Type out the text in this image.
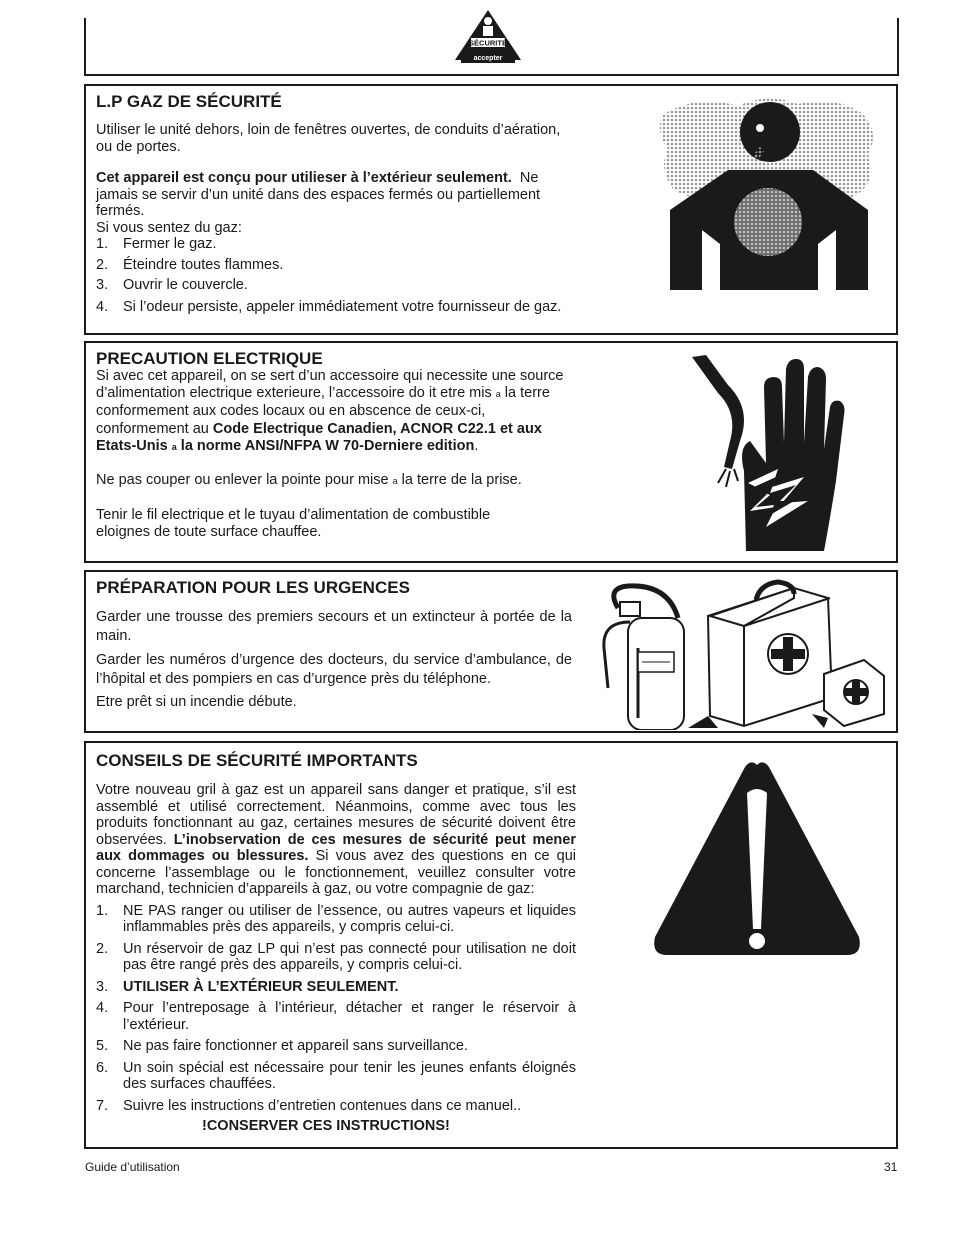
SÉCURITÉ
accepter
L.P GAZ DE SÉCURITÉ

Utiliser le unité dehors, loin de fenêtres ouvertes, de conduits d’aération, ou de portes.

Cet appareil est conçu pour utilieser à l’extérieur seulement. Ne jamais se servir d’un unité dans des espaces fermés ou partiellement fermés.

Si vous sentez du gaz:

1. Fermer le gaz.
2. Éteindre toutes flammes.
3. Ouvrir le couvercle.
4. Si l’odeur persiste, appeler immédiatement votre fournisseur de gaz.
PRECAUTION ELECTRIQUE

Si avec cet appareil, on se sert d’un accessoire qui necessite une source d’alimentation electrique exterieure, l’accessoire do it etre mis a la terre conformement aux codes locaux ou en abscence de ceux-ci, conformement au Code Electrique Canadien, ACNOR C22.1 et aux Etats-Unis a la norme ANSI/NFPA W 70-Derniere edition.

Ne pas couper ou enlever la pointe pour mise a la terre de la prise.

Tenir le fil electrique et le tuyau d’alimentation de combustible eloignes de toute surface chauffee.

PRÉPARATION POUR LES URGENCES

Garder une trousse des premiers secours et un extincteur à portée de la main.

Garder les numéros d’urgence des docteurs, du service d’ambulance, de l’hôpital et des pompiers en cas d’urgence près du téléphone.

Etre prêt si un incendie débute.

CONSEILS DE SÉCURITÉ IMPORTANTS

Votre nouveau gril à gaz est un appareil sans danger et pratique, s’il est assemblé et utilisé correctement. Néanmoins, comme avec tous les produits fonctionnant au gaz, certaines mesures de sécurité doivent être observées. L’inobservation de ces mesures de sécurité peut mener aux dommages ou blessures. Si vous avez des questions en ce qui concerne l’assemblage ou le fonctionnement, veuillez consulter votre marchand, technicien d’appareils à gaz, ou votre compagnie de gaz:

1. NE PAS ranger ou utiliser de l’essence, ou autres vapeurs et liquides inflammables près des appareils, y compris celui-ci.
2. Un réservoir de gaz LP qui n’est pas connecté pour utilisation ne doit pas être rangé près des appareils, y compris celui-ci.
3. UTILISER À L’EXTÉRIEUR SEULEMENT.
4. Pour l’entreposage à l’intérieur, détacher et ranger le réservoir à l’extérieur.
5. Ne pas faire fonctionner et appareil sans surveillance.
6. Un soin spécial est nécessaire pour tenir les jeunes enfants éloignés des surfaces chauffées.
7. Suivre les instructions d’entretien contenues dans ce manuel..

!CONSERVER CES INSTRUCTIONS!

Guide d’utilisation	31
